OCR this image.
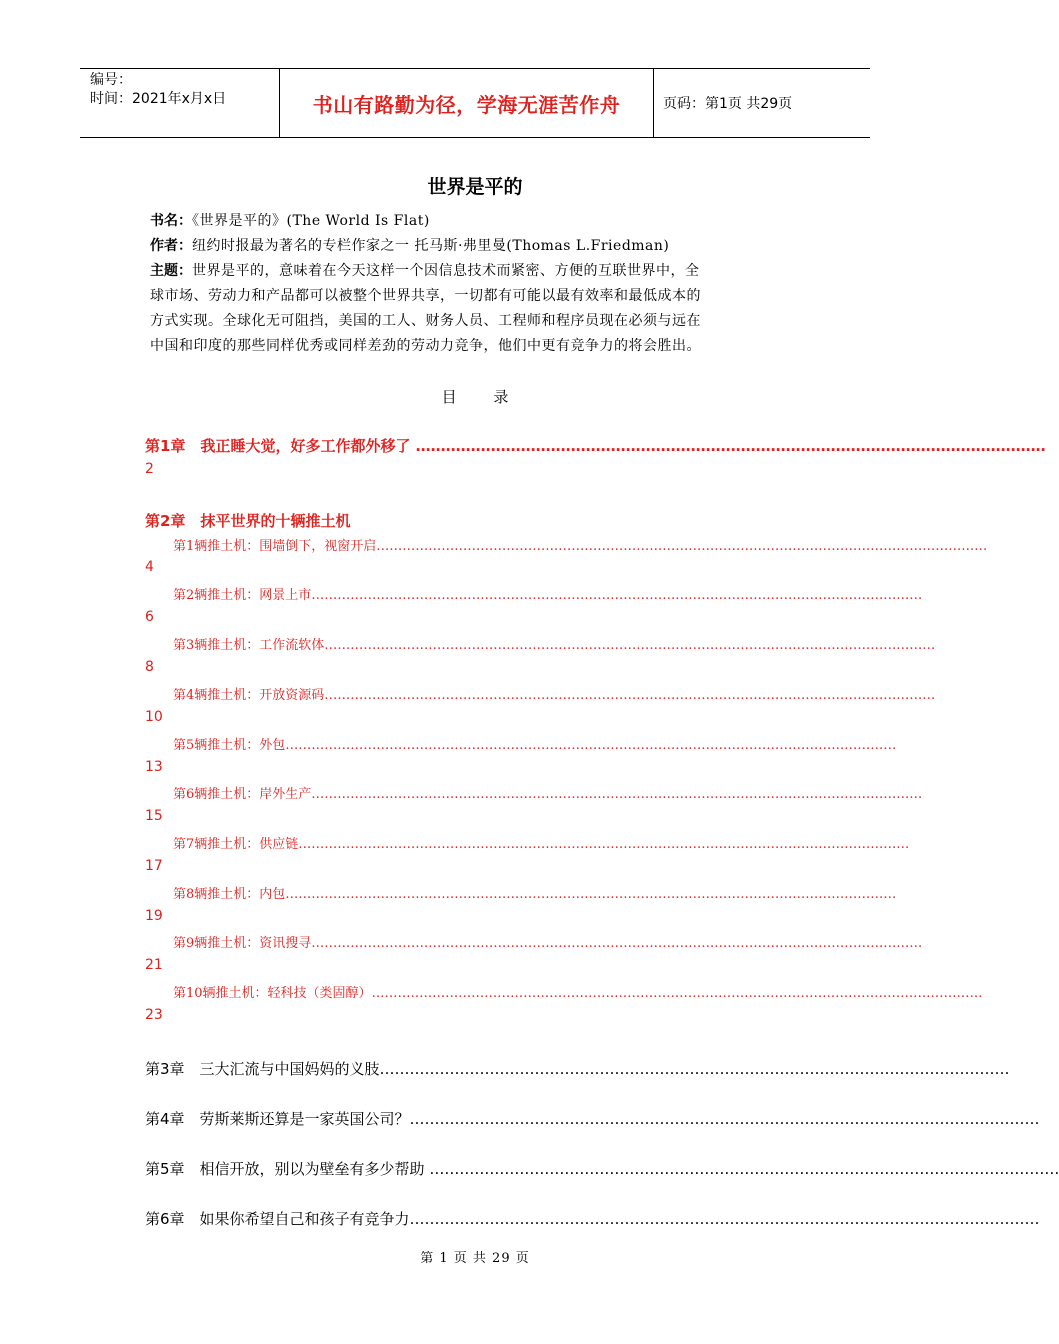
编号：
时间：2021年x月x日	书山有路勤为径，学海无涯苦作舟	页码：第1页 共29页
世界是平的
书名：《世界是平的》(The World Is Flat)
作者：纽约时报最为著名的专栏作家之一 托马斯·弗里曼(Thomas L.Friedman)
主题：世界是平的，意味着在今天这样一个因信息技术而紧密、方便的互联世界中，全
球市场、劳动力和产品都可以被整个世界共享，一切都有可能以最有效率和最低成本的
方式实现。全球化无可阻挡，美国的工人、财务人员、工程师和程序员现在必须与远在
中国和印度的那些同样优秀或同样差劲的劳动力竞争，他们中更有竞争力的将会胜出。
目 录
第1章　我正睡大觉，好多工作都外移了 ………………………………………………………………………………………………………………
2
第2章　抹平世界的十辆推土机
第1辆推土机：围墙倒下，视窗开启……………………………………………………………………………………………………………………………
4
第2辆推土机：网景上市……………………………………………………………………………………………………………………………
6
第3辆推土机：工作流软体……………………………………………………………………………………………………………………………
8
第4辆推土机：开放资源码……………………………………………………………………………………………………………………………
10
第5辆推土机：外包……………………………………………………………………………………………………………………………
13
第6辆推土机：岸外生产……………………………………………………………………………………………………………………………
15
第7辆推土机：供应链……………………………………………………………………………………………………………………………
17
第8辆推土机：内包……………………………………………………………………………………………………………………………
19
第9辆推土机：资讯搜寻……………………………………………………………………………………………………………………………
21
第10辆推土机：轻科技（类固醇）……………………………………………………………………………………………………………………………
23
第3章　三大汇流与中国妈妈的义肢………………………………………………………………………………………………………………
第4章　劳斯莱斯还算是一家英国公司？………………………………………………………………………………………………………………
第5章　相信开放，别以为壁垒有多少帮助 ………………………………………………………………………………………………………………
第6章　如果你希望自己和孩子有竞争力………………………………………………………………………………………………………………
第 1 页 共 29 页
